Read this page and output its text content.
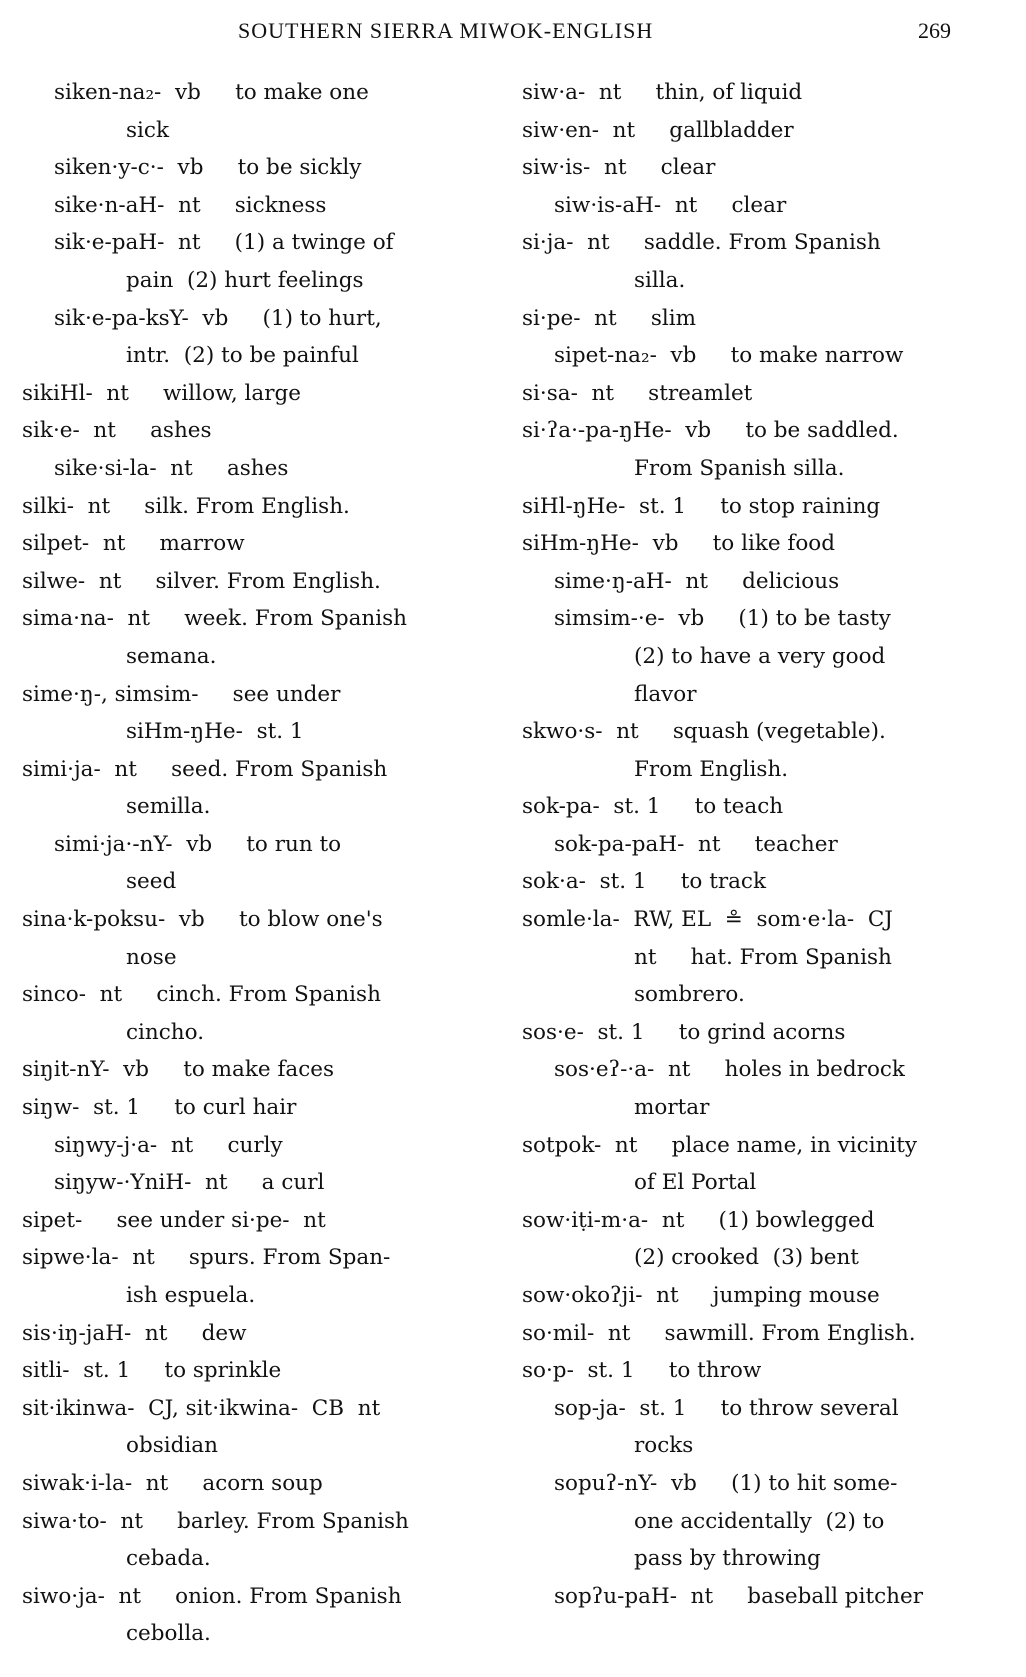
SOUTHERN SIERRA MIWOK-ENGLISH	269
siken-na₂-  vb     to make one
sick
siken·y-c·-  vb     to be sickly
sike·n-aH-  nt     sickness
sik·e-paH-  nt     (1) a twinge of
pain  (2) hurt feelings
sik·e-pa-ksY-  vb     (1) to hurt,
intr.  (2) to be painful
sikiHl-  nt     willow, large
sik·e-  nt     ashes
sike·si-la-  nt     ashes
silki-  nt     silk. From English.
silpet-  nt     marrow
silwe-  nt     silver. From English.
sima·na-  nt     week. From Spanish
semana.
sime·ŋ-, simsim-     see under
siHm-ŋHe-  st. 1
simi·ja-  nt     seed. From Spanish
semilla.
simi·ja·-nY-  vb     to run to
seed
sina·k-poksu-  vb     to blow one's
nose
sinco-  nt     cinch. From Spanish
cincho.
siŋit-nY-  vb     to make faces
siŋw-  st. 1     to curl hair
siŋwy-j·a-  nt     curly
siŋyw-·YniH-  nt     a curl
sipet-     see under si·pe-  nt
sipwe·la-  nt     spurs. From Span-
ish espuela.
sis·iŋ-jaH-  nt     dew
sitli-  st. 1     to sprinkle
sit·ikinwa-  CJ, sit·ikwina-  CB  nt
obsidian
siwak·i-la-  nt     acorn soup
siwa·to-  nt     barley. From Spanish
cebada.
siwo·ja-  nt     onion. From Spanish
cebolla.
siw·a-  nt     thin, of liquid
siw·en-  nt     gallbladder
siw·is-  nt     clear
siw·is-aH-  nt     clear
si·ja-  nt     saddle. From Spanish
silla.
si·pe-  nt     slim
sipet-na₂-  vb     to make narrow
si·sa-  nt     streamlet
si·ʔa·-pa-ŋHe-  vb     to be saddled.
From Spanish silla.
siHl-ŋHe-  st. 1     to stop raining
siHm-ŋHe-  vb     to like food
sime·ŋ-aH-  nt     delicious
simsim-·e-  vb     (1) to be tasty
(2) to have a very good
flavor
skwo·s-  nt     squash (vegetable).
From English.
sok-pa-  st. 1     to teach
sok-pa-paH-  nt     teacher
sok·a-  st. 1     to track
somle·la-  RW, EL  ≗  som·e·la-  CJ
nt     hat. From Spanish
sombrero.
sos·e-  st. 1     to grind acorns
sos·eʔ-·a-  nt     holes in bedrock
mortar
sotpok-  nt     place name, in vicinity
of El Portal
sow·iṭi-m·a-  nt     (1) bowlegged
(2) crooked  (3) bent
sow·okoʔji-  nt     jumping mouse
so·mil-  nt     sawmill. From English.
so·p-  st. 1     to throw
sop-ja-  st. 1     to throw several
rocks
sopuʔ-nY-  vb     (1) to hit some-
one accidentally  (2) to
pass by throwing
sopʔu-paH-  nt     baseball pitcher
